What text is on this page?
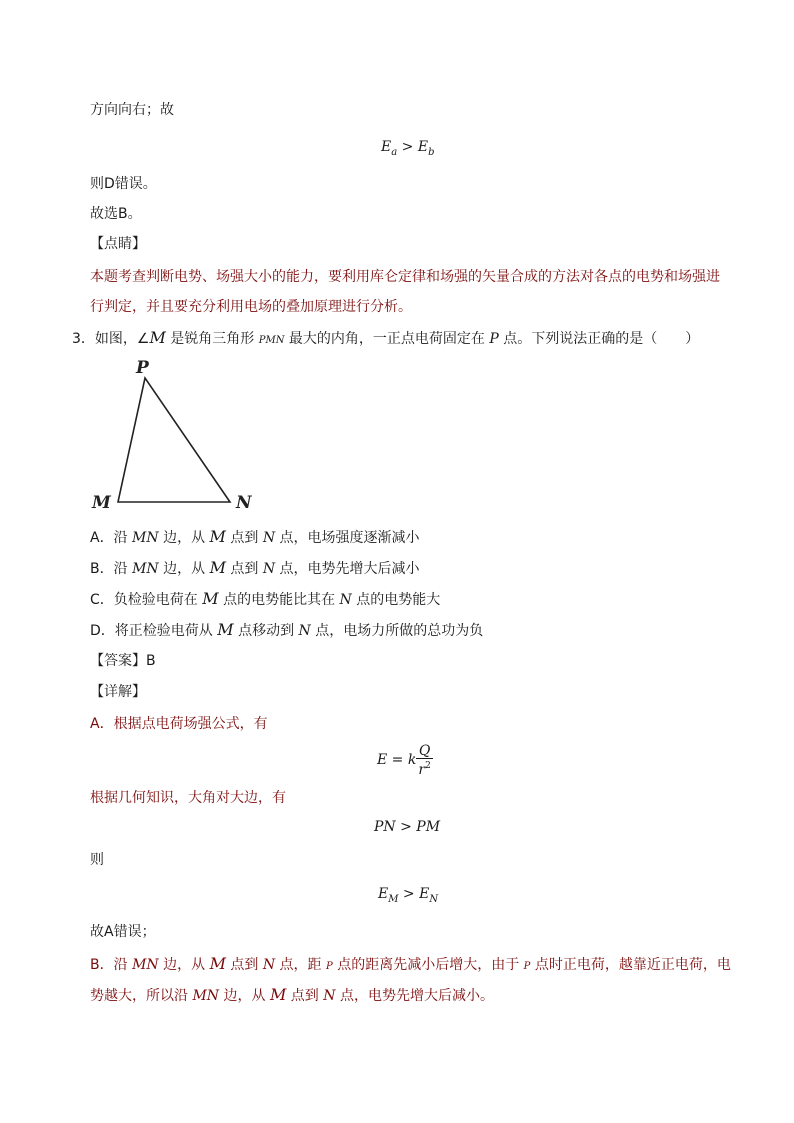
方向向右；故
$E_a > E_b$
则D错误。
故选B。
【点睛】
本题考查判断电势、场强大小的能力，要利用库仑定律和场强的矢量合成的方法对各点的电势和场强进
行判定，并且要充分利用电场的叠加原理进行分析。
3．如图，∠M 是锐角三角形 PMN 最大的内角，一正点电荷固定在 P 点。下列说法正确的是（　　）
P
M	N
A．沿 MN 边，从 M 点到 N 点，电场强度逐渐减小
B．沿 MN 边，从 M 点到 N 点，电势先增大后减小
C．负检验电荷在 M 点的电势能比其在 N 点的电势能大
D．将正检验电荷从 M 点移动到 N 点，电场力所做的总功为负
【答案】B
【详解】
A．根据点电荷场强公式，有
E = k $\frac{Q}{r^2}$
根据几何知识，大角对大边，有
PN > PM
则
$E_M > E_N$
故A错误；
B．沿 MN 边，从 M 点到 N 点，距 P 点的距离先减小后增大，由于 P 点时正电荷，越靠近正电荷，电
势越大，所以沿 MN 边，从 M 点到 N 点，电势先增大后减小。
